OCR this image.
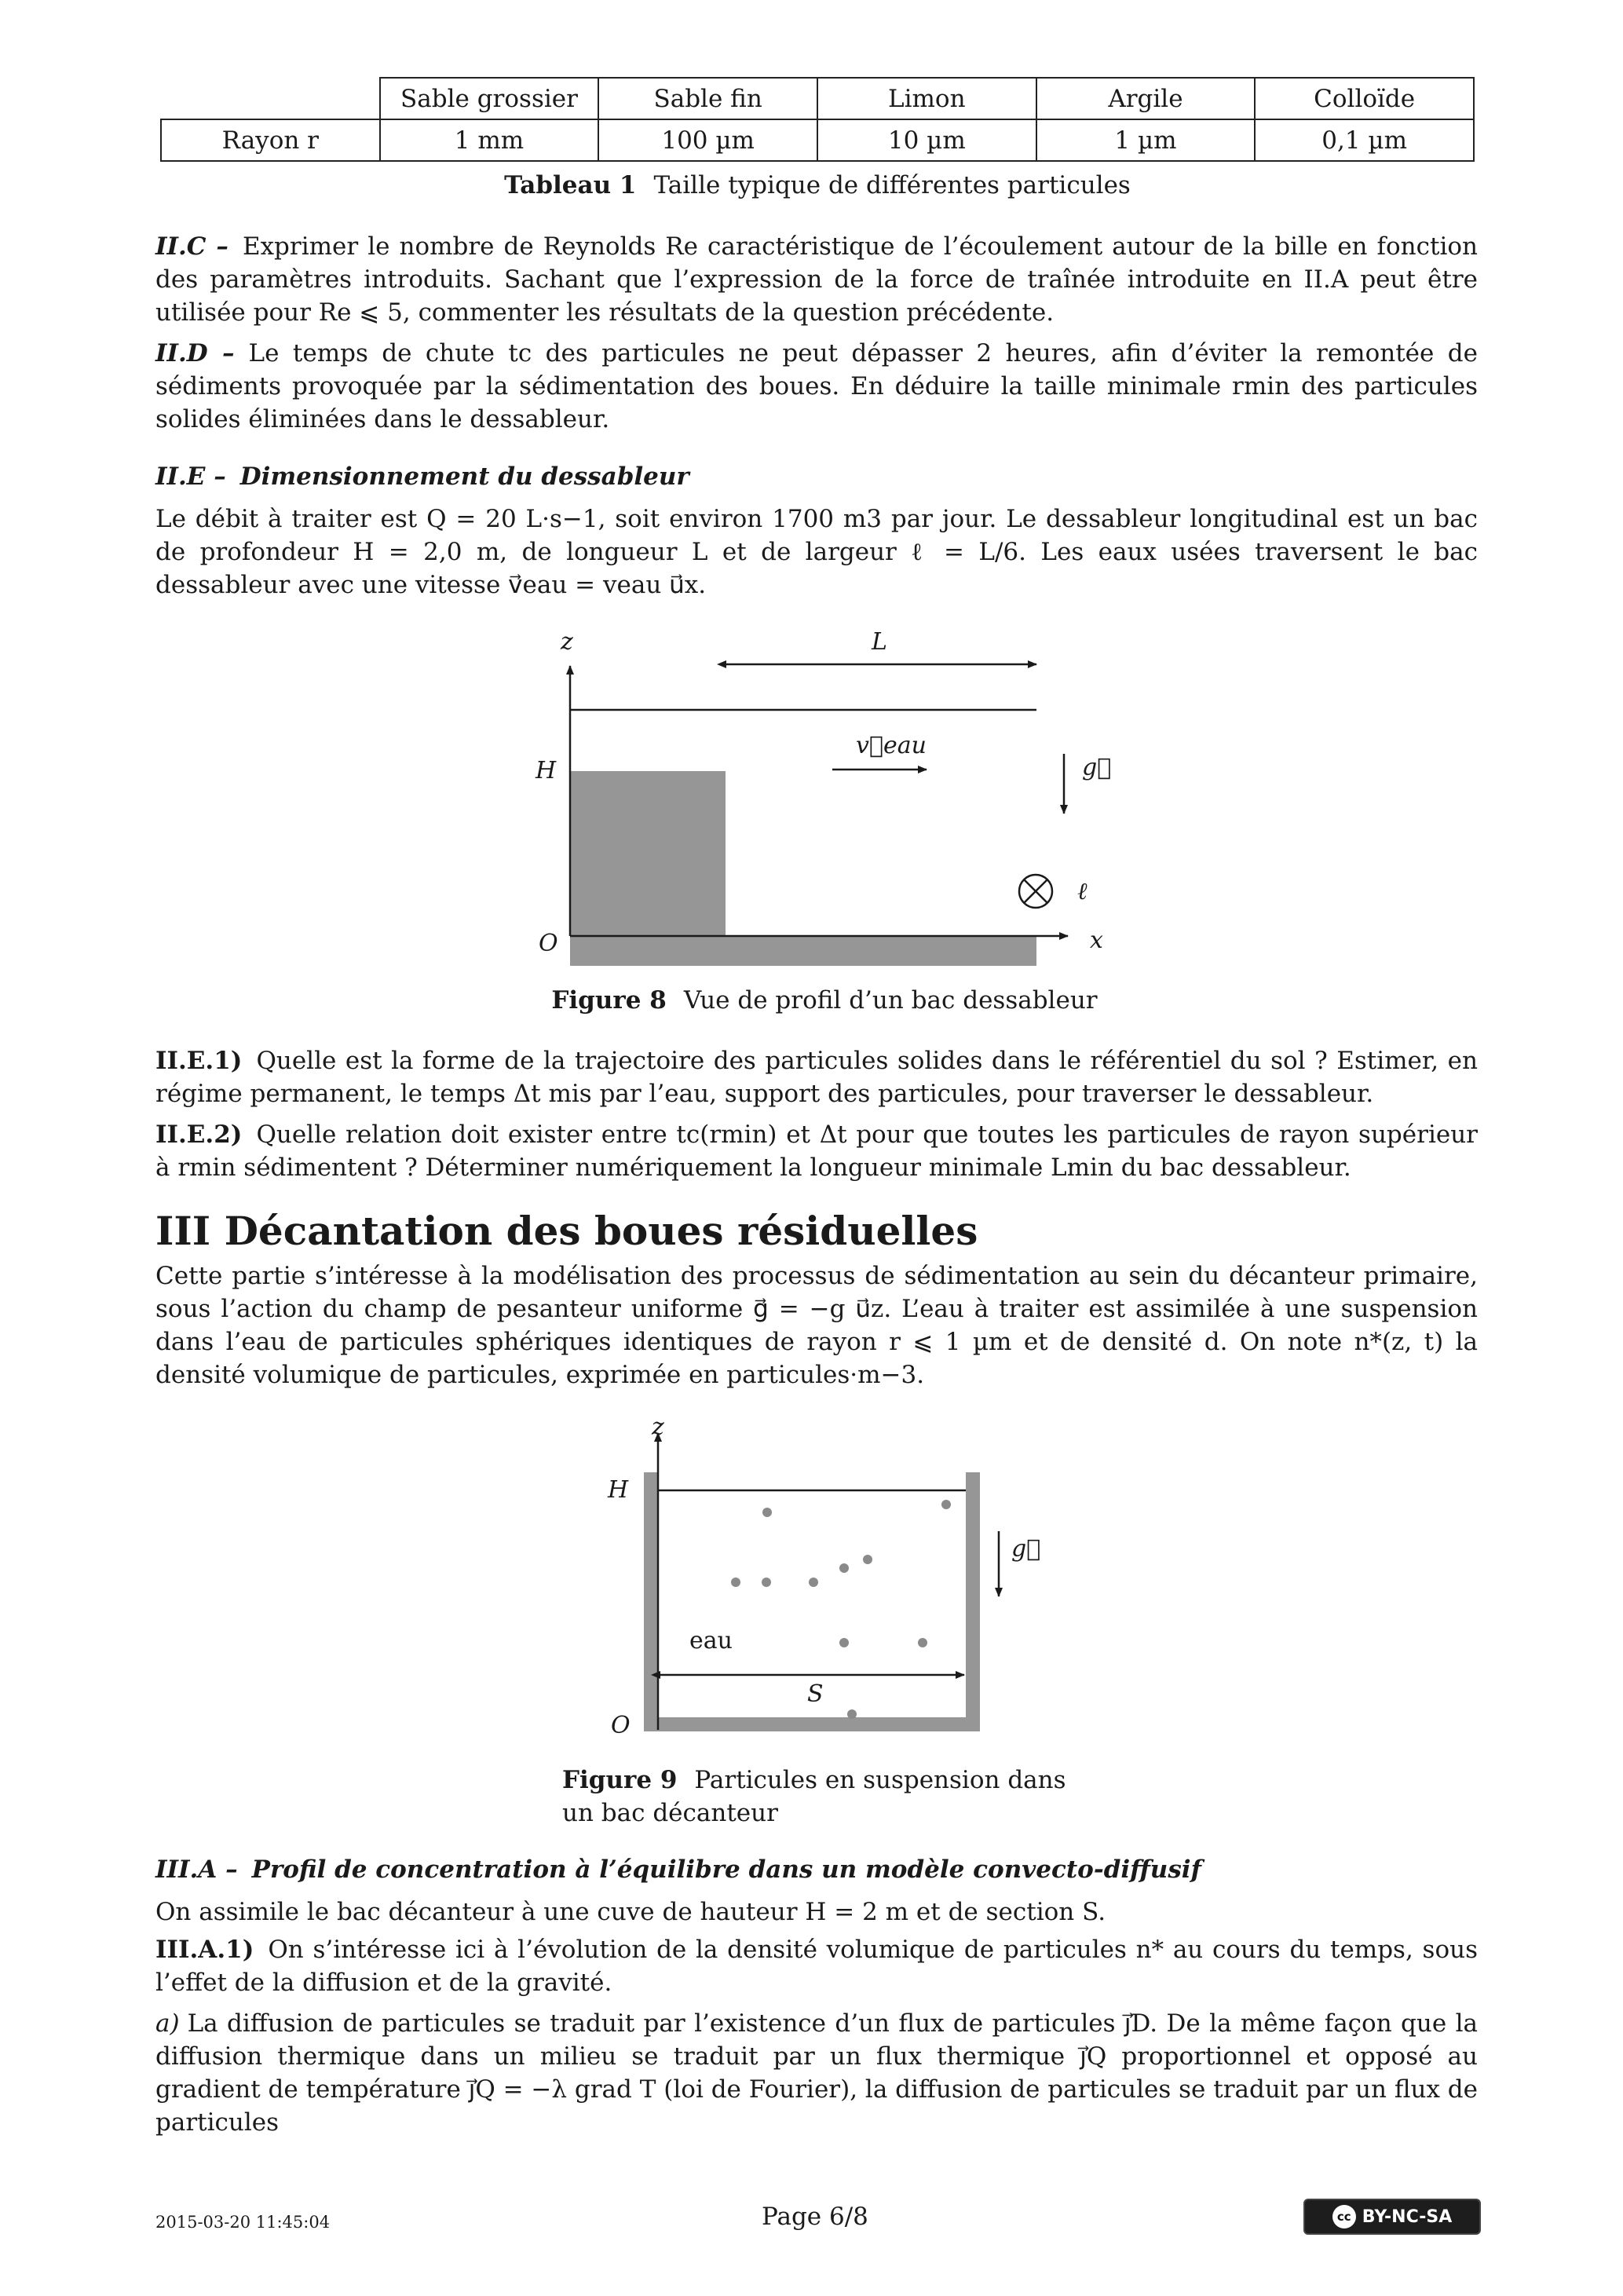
	Sable grossier	Sable fin	Limon	Argile	Colloïde
Rayon r	1 mm	100 µm	10 µm	1 µm	0,1 µm
Tableau 1 Taille typique de différentes particules
II.C – Exprimer le nombre de Reynolds Re caractéristique de l’écoulement autour de la bille en fonction des paramètres introduits. Sachant que l’expression de la force de traînée introduite en II.A peut être utilisée pour Re ⩽ 5, commenter les résultats de la question précédente.
II.D – Le temps de chute tc des particules ne peut dépasser 2 heures, afin d’éviter la remontée de sédiments provoquée par la sédimentation des boues. En déduire la taille minimale rmin des particules solides éliminées dans le dessableur.
II.E – Dimensionnement du dessableur
Le débit à traiter est Q = 20 L·s−1, soit environ 1700 m3 par jour. Le dessableur longitudinal est un bac de profondeur H = 2,0 m, de longueur L et de largeur ℓ = L/6. Les eaux usées traversent le bac dessableur avec une vitesse v⃗eau = veau u⃗x.
z	L
H
v⃗eau
g⃗
ℓ
O	x
Figure 8 Vue de profil d’un bac dessableur
II.E.1) Quelle est la forme de la trajectoire des particules solides dans le référentiel du sol ? Estimer, en régime permanent, le temps Δt mis par l’eau, support des particules, pour traverser le dessableur.
II.E.2) Quelle relation doit exister entre tc(rmin) et Δt pour que toutes les particules de rayon supérieur à rmin sédimentent ? Déterminer numériquement la longueur minimale Lmin du bac dessableur.
III Décantation des boues résiduelles
Cette partie s’intéresse à la modélisation des processus de sédimentation au sein du décanteur primaire, sous l’action du champ de pesanteur uniforme g⃗ = −g u⃗z. L’eau à traiter est assimilée à une suspension dans l’eau de particules sphériques identiques de rayon r ⩽ 1 µm et de densité d. On note n*(z, t) la densité volumique de particules, exprimée en particules·m−3.
z
H
g⃗
eau
S
O
Figure 9 Particules en suspension dans
un bac décanteur
III.A – Profil de concentration à l’équilibre dans un modèle convecto-diffusif
On assimile le bac décanteur à une cuve de hauteur H = 2 m et de section S.
III.A.1) On s’intéresse ici à l’évolution de la densité volumique de particules n* au cours du temps, sous l’effet de la diffusion et de la gravité.
a) La diffusion de particules se traduit par l’existence d’un flux de particules j⃗D. De la même façon que la diffusion thermique dans un milieu se traduit par un flux thermique j⃗Q proportionnel et opposé au gradient de température j⃗Q = −λ grad T (loi de Fourier), la diffusion de particules se traduit par un flux de particules
2015-03-20 11:45:04	Page 6/8	cc BY-NC-SA
